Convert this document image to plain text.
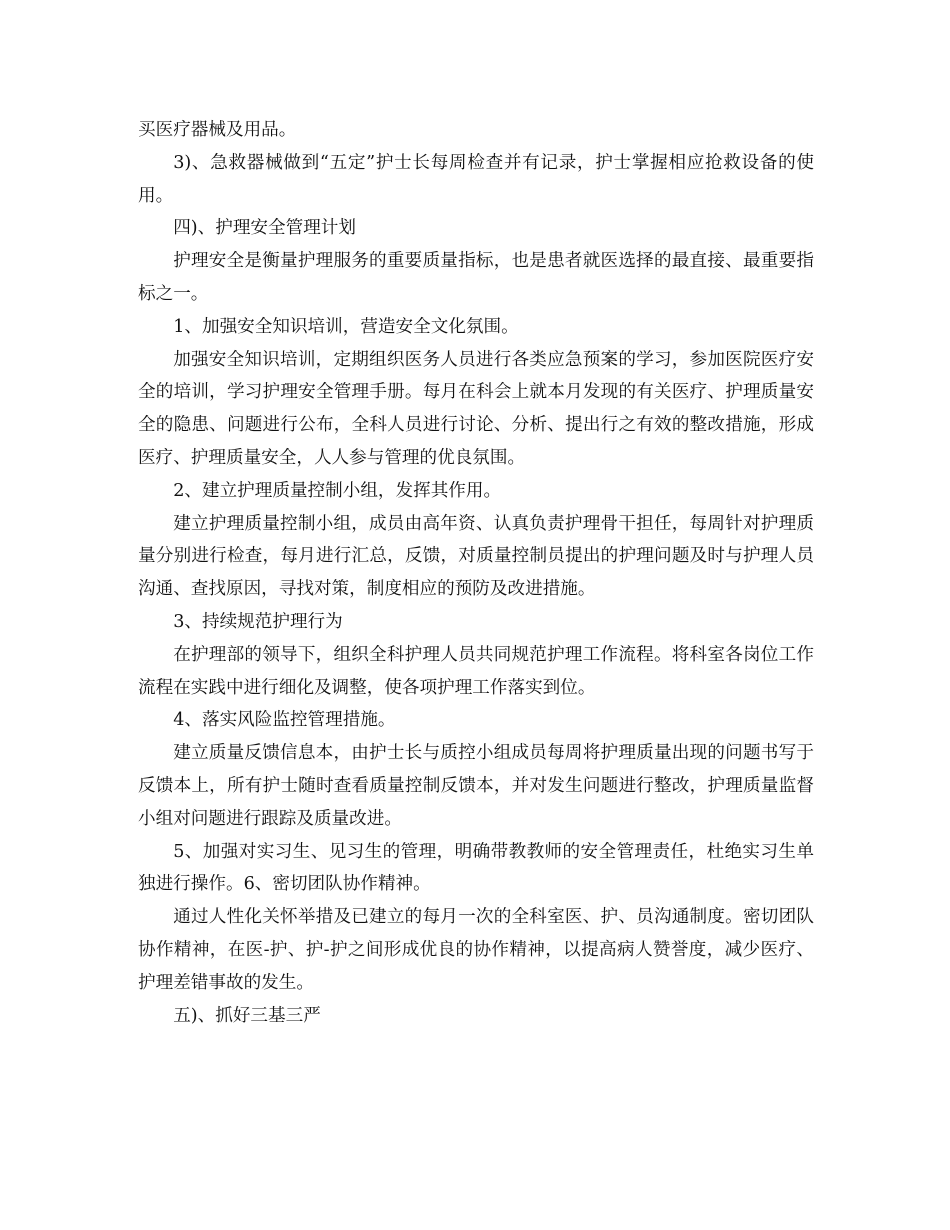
买医疗器械及用品。

3)、急救器械做到“五定”护士长每周检查并有记录，护士掌握相应抢救设备的使用。

四)、护理安全管理计划

护理安全是衡量护理服务的重要质量指标，也是患者就医选择的最直接、最重要指标之一。

1、加强安全知识培训，营造安全文化氛围。

加强安全知识培训，定期组织医务人员进行各类应急预案的学习，参加医院医疗安全的培训，学习护理安全管理手册。每月在科会上就本月发现的有关医疗、护理质量安全的隐患、问题进行公布，全科人员进行讨论、分析、提出行之有效的整改措施，形成医疗、护理质量安全，人人参与管理的优良氛围。

2、建立护理质量控制小组，发挥其作用。

建立护理质量控制小组，成员由高年资、认真负责护理骨干担任，每周针对护理质量分别进行检查，每月进行汇总，反馈，对质量控制员提出的护理问题及时与护理人员沟通、查找原因，寻找对策，制度相应的预防及改进措施。

3、持续规范护理行为

在护理部的领导下，组织全科护理人员共同规范护理工作流程。将科室各岗位工作流程在实践中进行细化及调整，使各项护理工作落实到位。

4、落实风险监控管理措施。

建立质量反馈信息本，由护士长与质控小组成员每周将护理质量出现的问题书写于反馈本上，所有护士随时查看质量控制反馈本，并对发生问题进行整改，护理质量监督小组对问题进行跟踪及质量改进。

5、加强对实习生、见习生的管理，明确带教教师的安全管理责任，杜绝实习生单独进行操作。6、密切团队协作精神。

通过人性化关怀举措及已建立的每月一次的全科室医、护、员沟通制度。密切团队协作精神，在医-护、护-护之间形成优良的协作精神，以提高病人赞誉度，减少医疗、护理差错事故的发生。

五)、抓好三基三严
